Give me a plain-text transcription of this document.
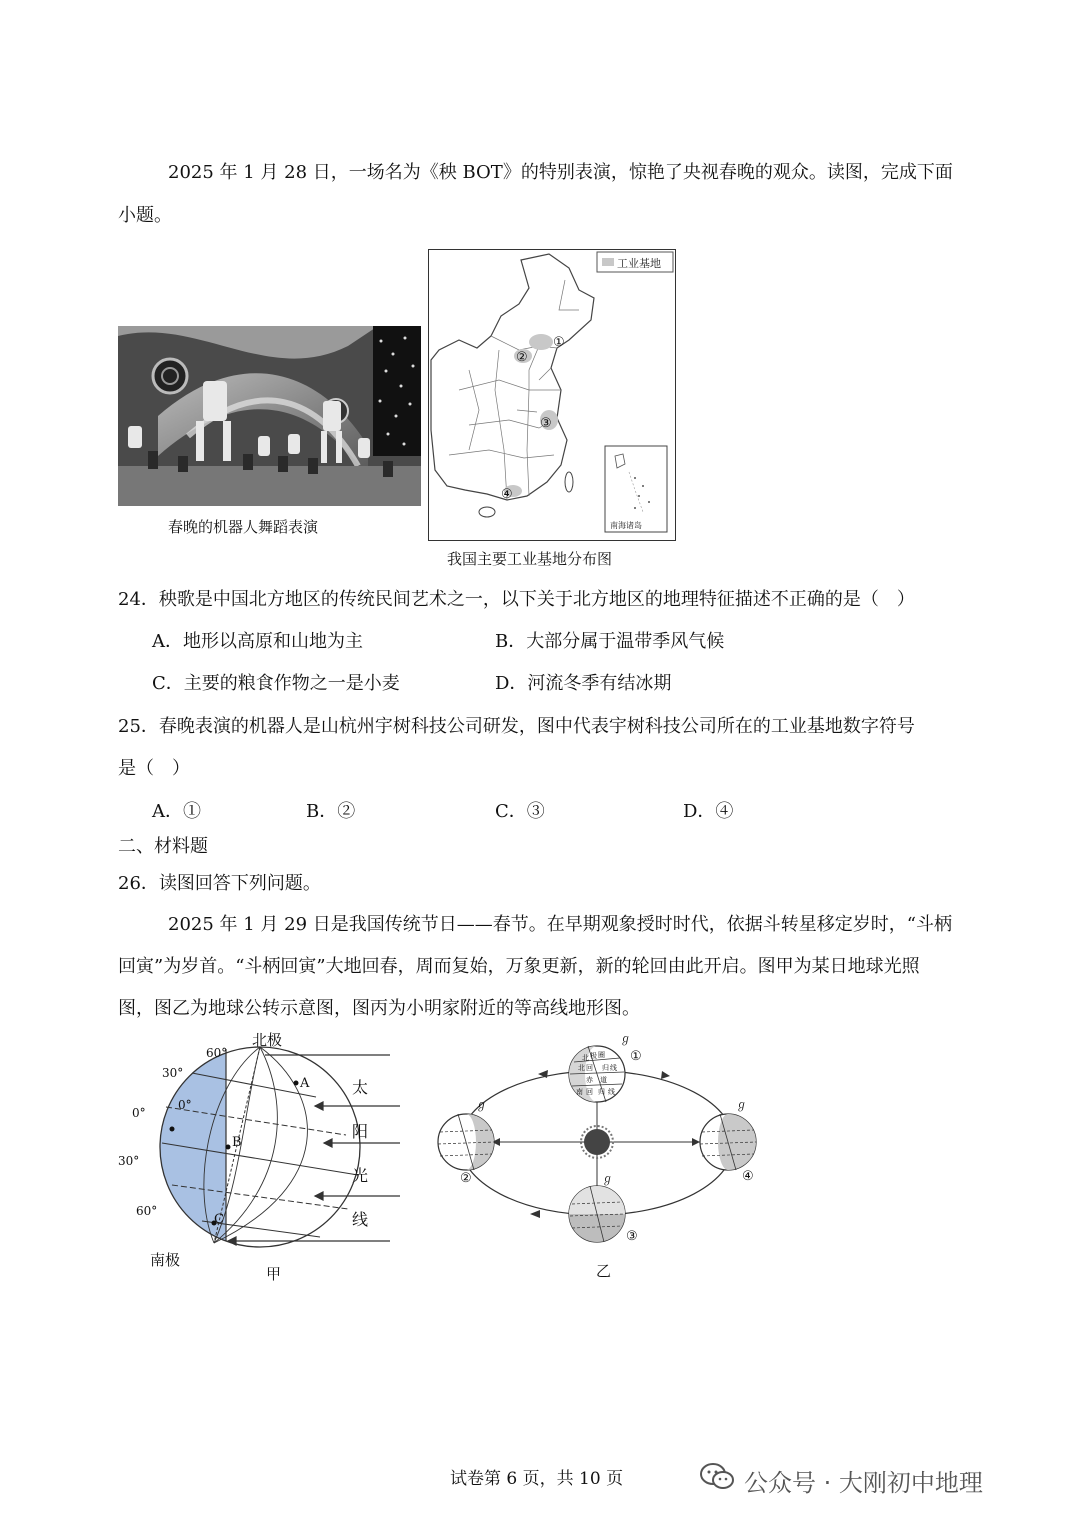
2025 年 1 月 28 日，一场名为《秧 BOT》的特别表演，惊艳了央视春晚的观众。读图，完成下面
小题。
春晚的机器人舞蹈表演
工业基地
①
②
③
④
南海诸岛
我国主要工业基地分布图
24．秧歌是中国北方地区的传统民间艺术之一，以下关于北方地区的地理特征描述不正确的是（　）
A．地形以高原和山地为主	B．大部分属于温带季风气候
C．主要的粮食作物之一是小麦	D．河流冬季有结冰期
25．春晚表演的机器人是山杭州宇树科技公司研发，图中代表宇树科技公司所在的工业基地数字符号
是（　）
A．①	B．②	C．③	D．④
二、材料题
26．读图回答下列问题。
2025 年 1 月 29 日是我国传统节日——春节。在早期观象授时时代，依据斗转星移定岁时，“斗柄
回寅”为岁首。“斗柄回寅”大地回春，周而复始，万象更新，新的轮回由此开启。图甲为某日地球光照
图，图乙为地球公转示意图，图丙为小明家附近的等高线地形图。
北极
南极
60°
30°
0°
0°
30°
60°
A
B
C
太
阳
光
线
甲
北 极 圈
北 回 归 线
赤 道
南 回 归 线
ℊ
ℊ
ℊ
ℊ
①
②
③
④
乙
试卷第 6 页，共 10 页	公众号 · 大刚初中地理
